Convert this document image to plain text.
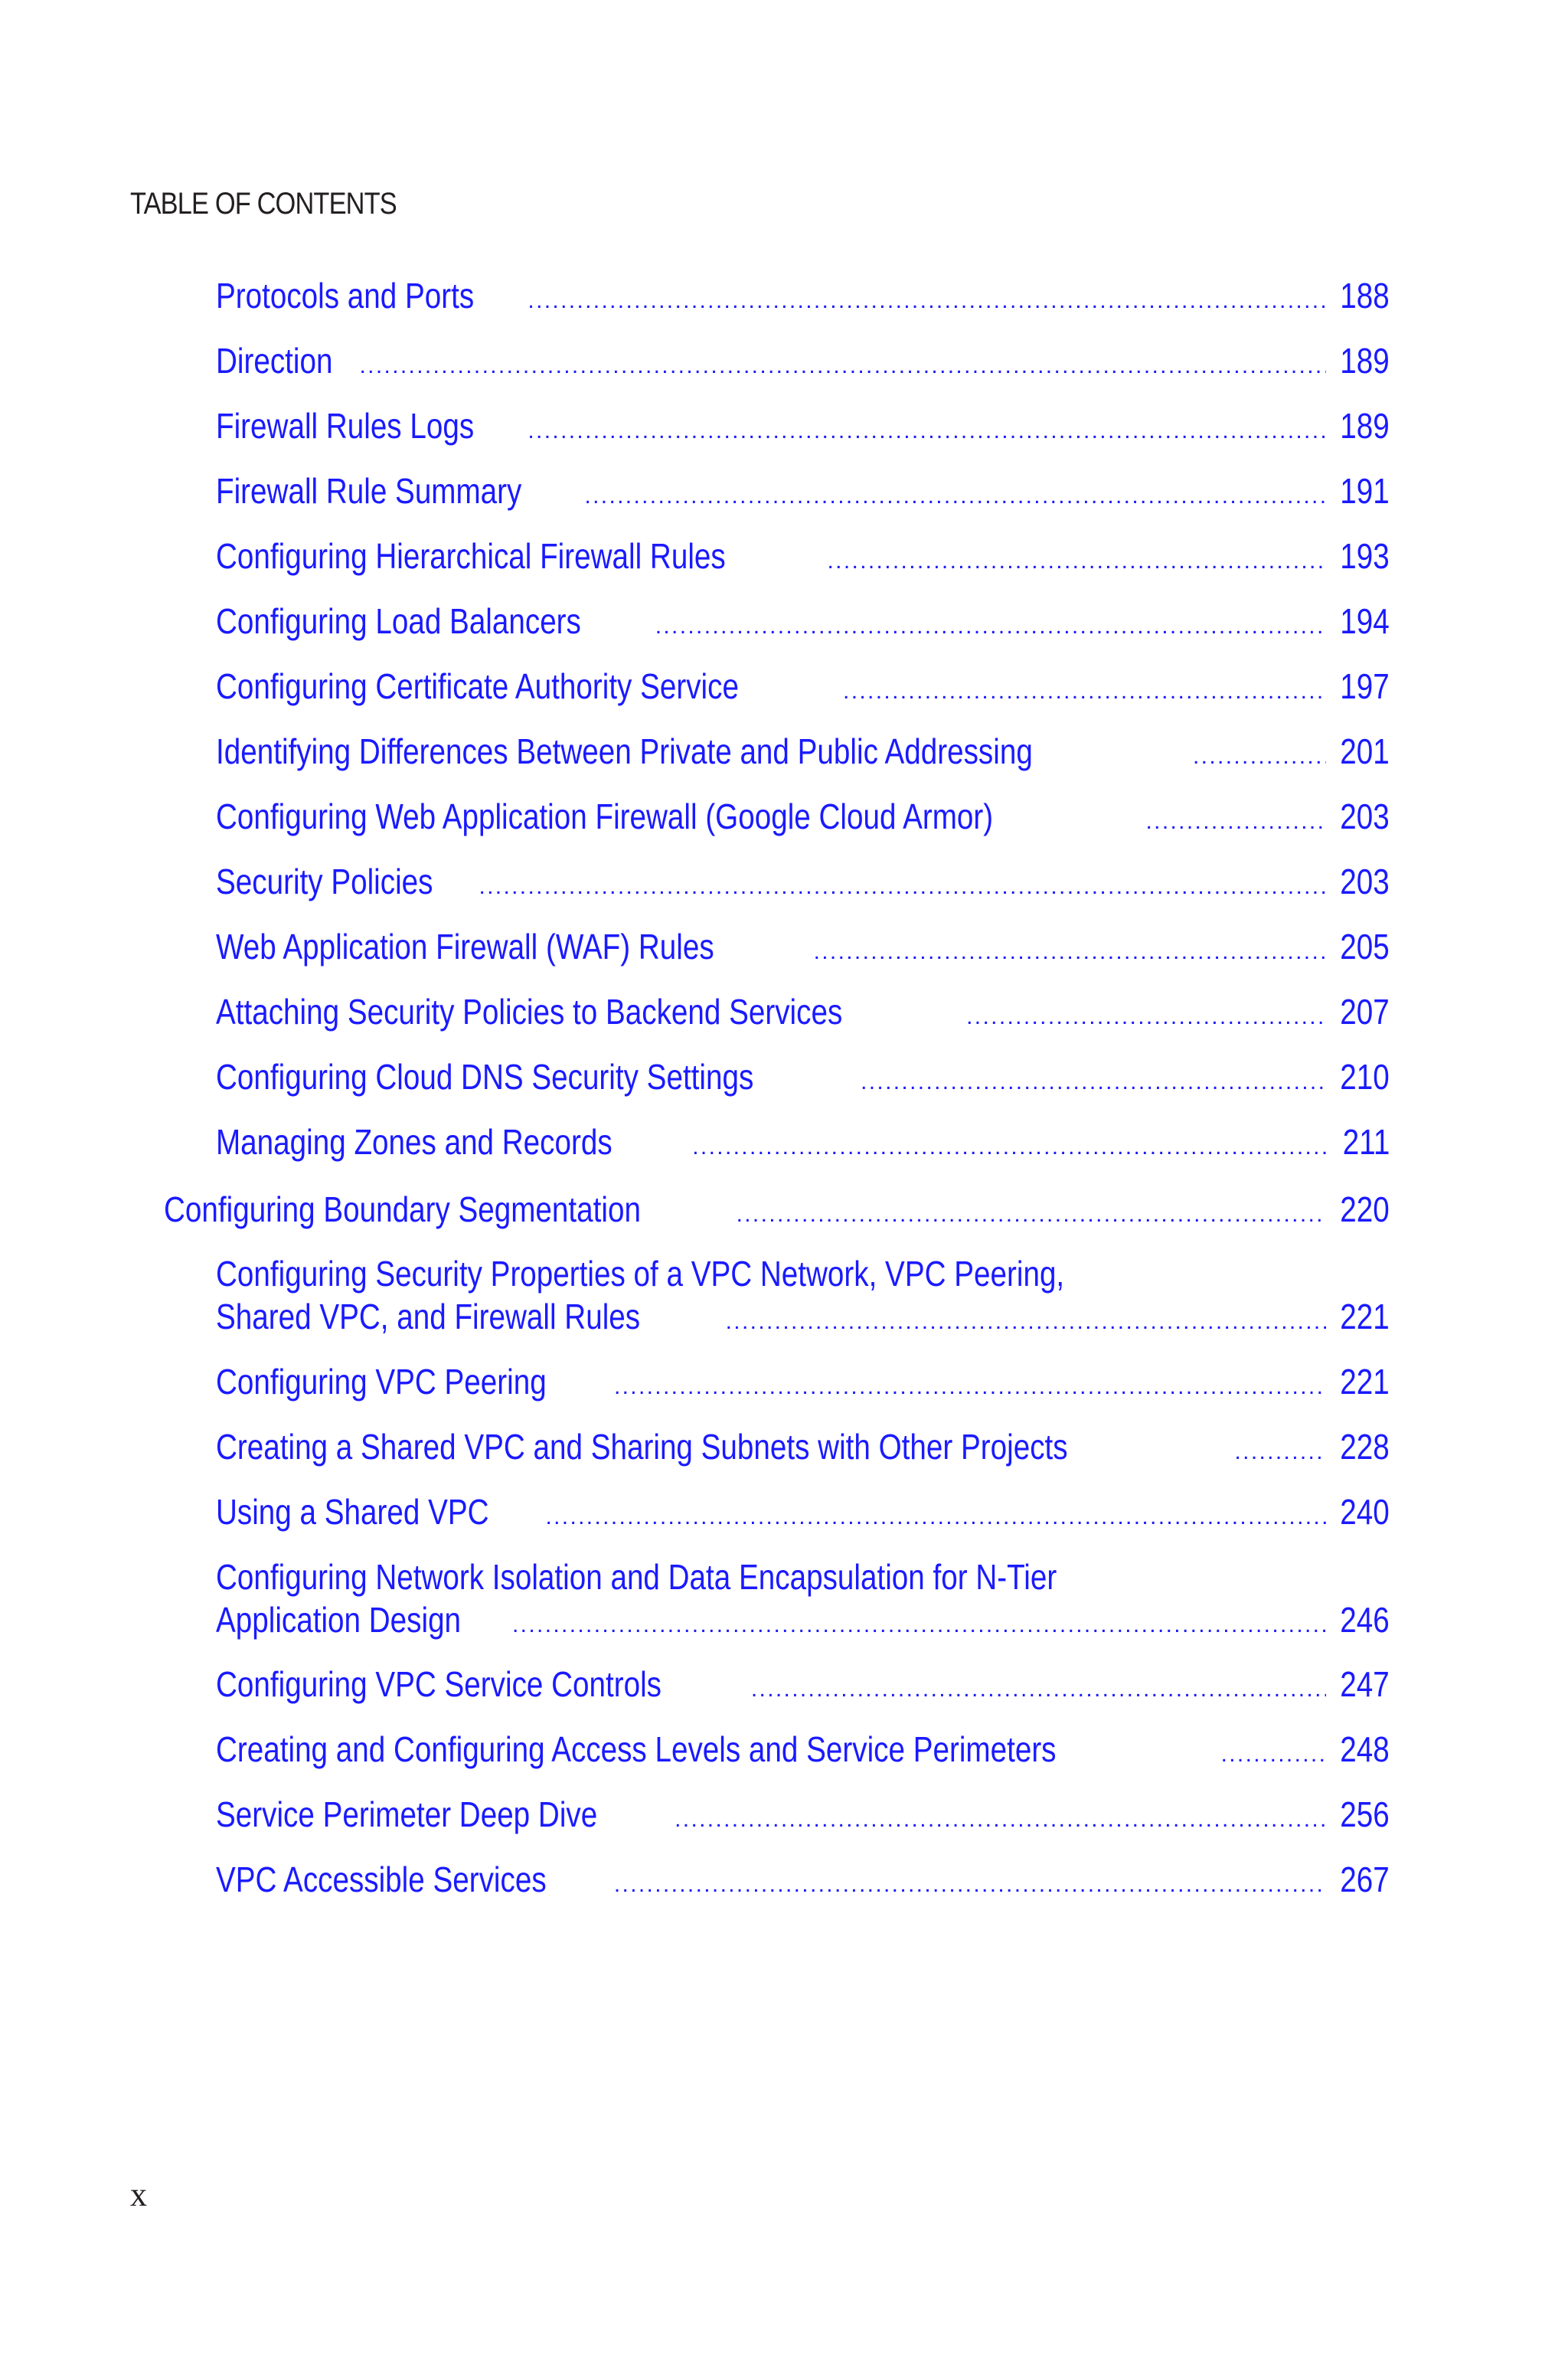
TABLE OF CONTENTS
Protocols and Ports . . .	188
Direction . . .	189
Firewall Rules Logs . . .	189
Firewall Rule Summary . . .	191
Configuring Hierarchical Firewall Rules . . .	193
Configuring Load Balancers . . .	194
Configuring Certificate Authority Service . . .	197
Identifying Differences Between Private and Public Addressing . . .	201
Configuring Web Application Firewall (Google Cloud Armor) . . .	203
Security Policies . . .	203
Web Application Firewall (WAF) Rules . . .	205
Attaching Security Policies to Backend Services . . .	207
Configuring Cloud DNS Security Settings . . .	210
Managing Zones and Records . . .	211
Configuring Boundary Segmentation . . .	220
Configuring Security Properties of a VPC Network, VPC Peering,
Shared VPC, and Firewall Rules . . .	221
Configuring VPC Peering . . .	221
Creating a Shared VPC and Sharing Subnets with Other Projects . . .	228
Using a Shared VPC . . .	240
Configuring Network Isolation and Data Encapsulation for N-Tier
Application Design . . .	246
Configuring VPC Service Controls . . .	247
Creating and Configuring Access Levels and Service Perimeters . . .	248
Service Perimeter Deep Dive . . .	256
VPC Accessible Services . . .	267
x
